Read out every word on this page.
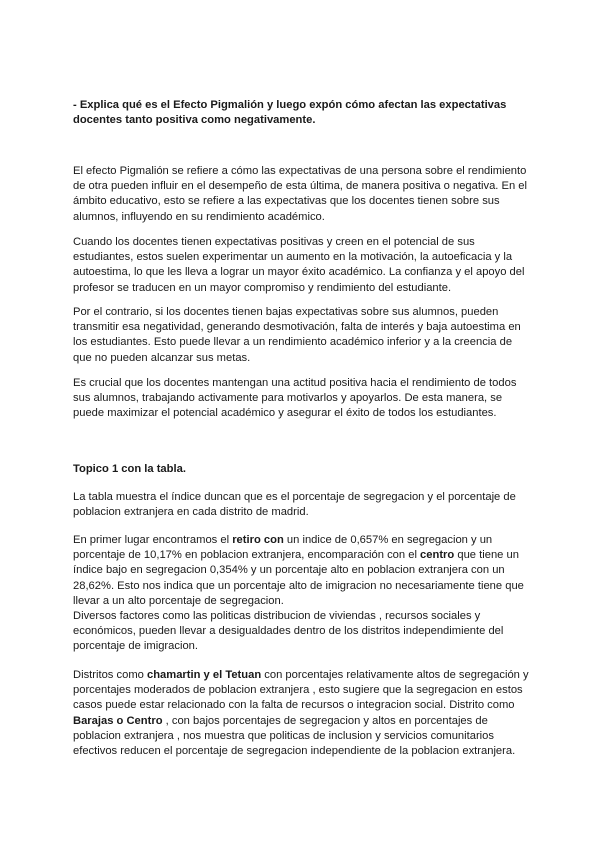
- Explica qué es el Efecto Pigmalión y luego expón cómo afectan las expectativas docentes tanto positiva como negativamente.

El efecto Pigmalión se refiere a cómo las expectativas de una persona sobre el rendimiento de otra pueden influir en el desempeño de esta última, de manera positiva o negativa. En el ámbito educativo, esto se refiere a las expectativas que los docentes tienen sobre sus alumnos, influyendo en su rendimiento académico.

Cuando los docentes tienen expectativas positivas y creen en el potencial de sus estudiantes, estos suelen experimentar un aumento en la motivación, la autoeficacia y la autoestima, lo que les lleva a lograr un mayor éxito académico. La confianza y el apoyo del profesor se traducen en un mayor compromiso y rendimiento del estudiante.

Por el contrario, si los docentes tienen bajas expectativas sobre sus alumnos, pueden transmitir esa negatividad, generando desmotivación, falta de interés y baja autoestima en los estudiantes. Esto puede llevar a un rendimiento académico inferior y a la creencia de que no pueden alcanzar sus metas.

Es crucial que los docentes mantengan una actitud positiva hacia el rendimiento de todos sus alumnos, trabajando activamente para motivarlos y apoyarlos. De esta manera, se puede maximizar el potencial académico y asegurar el éxito de todos los estudiantes.

Topico 1 con la tabla.

La tabla muestra el índice duncan que es el porcentaje de segregacion y el porcentaje de poblacion extranjera en cada distrito de madrid.

En primer lugar encontramos el retiro con un indice de 0,657% en segregacion y un porcentaje de 10,17% en poblacion extranjera, encomparación con el centro que tiene un índice bajo en segregacion 0,354% y un porcentaje alto en poblacion extranjera con un 28,62%. Esto nos indica que un porcentaje alto de imigracion no necesariamente tiene que llevar a un alto porcentaje de segregacion.

Diversos factores como las politicas distribucion de viviendas , recursos sociales y económicos, pueden llevar a desigualdades dentro de los distritos independimiente del porcentaje de imigracion.

Distritos como chamartin y el Tetuan con porcentajes relativamente altos de segregación y porcentajes moderados de poblacion extranjera , esto sugiere que la segregacion en estos casos puede estar relacionado con la falta de recursos o integracion social. Distrito como Barajas o Centro , con bajos porcentajes de segregacion y altos en porcentajes de poblacion extranjera , nos muestra que politicas de inclusion y servicios comunitarios efectivos reducen el porcentaje de segregacion independiente de la poblacion extranjera.
